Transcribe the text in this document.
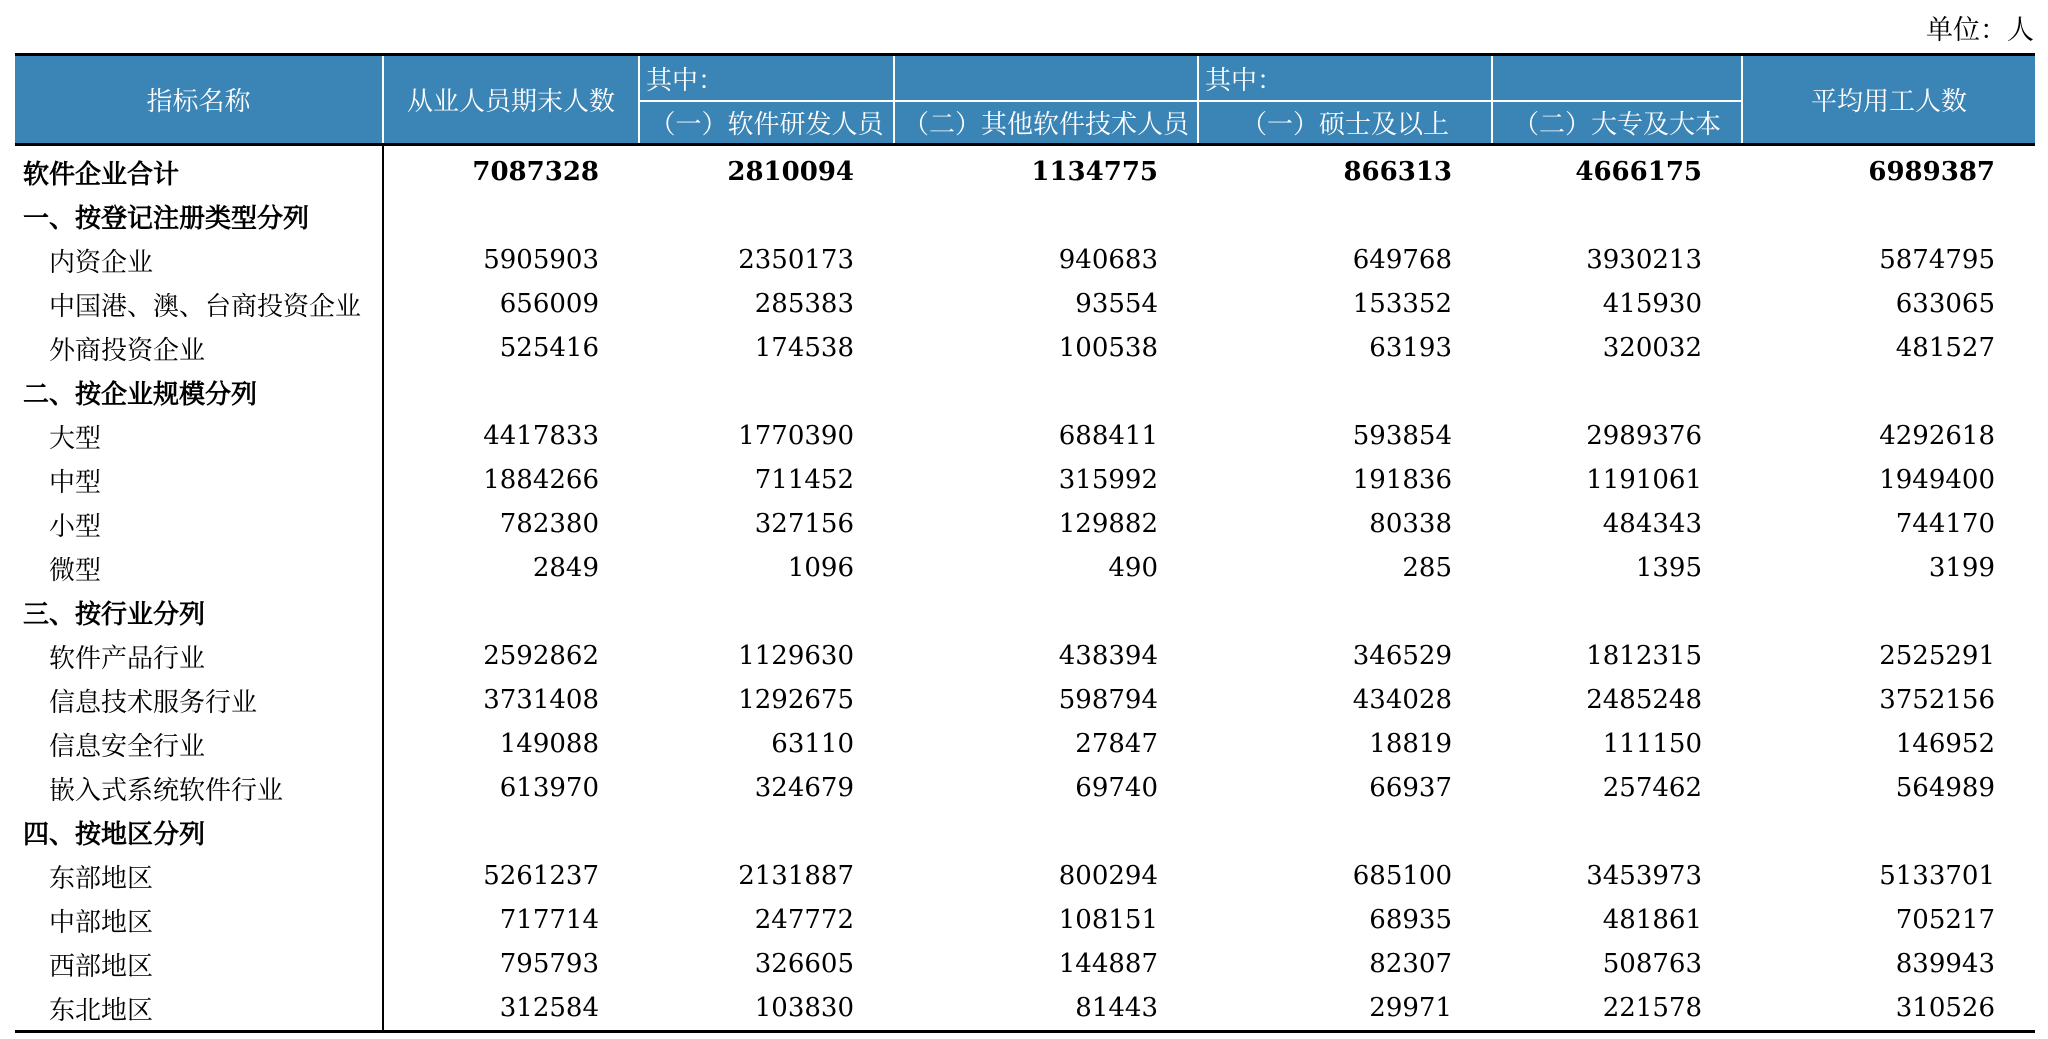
单位：人
指标名称	从业人员期末人数	其中：		其中：		平均用工人数
		（一）软件研发人员	（二）其他软件技术人员	（一）硕士及以上	（二）大专及大本	
软件企业合计	7087328	2810094	1134775	866313	4666175	6989387
一、按登记注册类型分列						
内资企业	5905903	2350173	940683	649768	3930213	5874795
中国港、澳、台商投资企业	656009	285383	93554	153352	415930	633065
外商投资企业	525416	174538	100538	63193	320032	481527
二、按企业规模分列						
大型	4417833	1770390	688411	593854	2989376	4292618
中型	1884266	711452	315992	191836	1191061	1949400
小型	782380	327156	129882	80338	484343	744170
微型	2849	1096	490	285	1395	3199
三、按行业分列						
软件产品行业	2592862	1129630	438394	346529	1812315	2525291
信息技术服务行业	3731408	1292675	598794	434028	2485248	3752156
信息安全行业	149088	63110	27847	18819	111150	146952
嵌入式系统软件行业	613970	324679	69740	66937	257462	564989
四、按地区分列						
东部地区	5261237	2131887	800294	685100	3453973	5133701
中部地区	717714	247772	108151	68935	481861	705217
西部地区	795793	326605	144887	82307	508763	839943
东北地区	312584	103830	81443	29971	221578	310526
